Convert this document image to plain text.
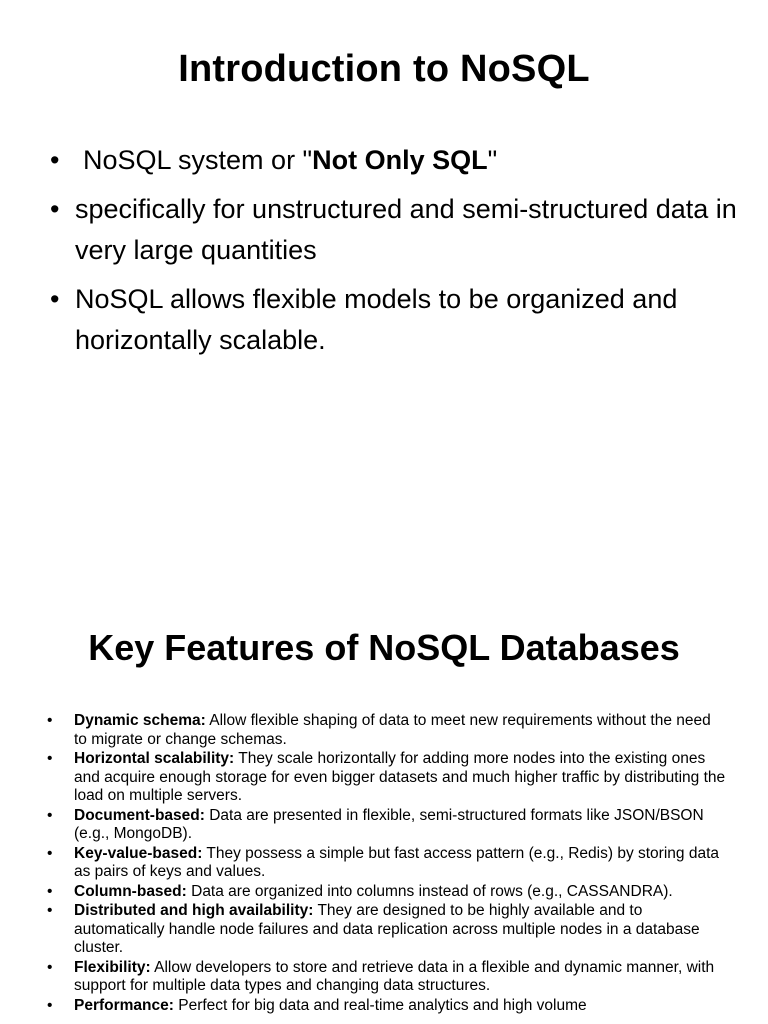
Introduction to NoSQL
• NoSQL system or "Not Only SQL"
• specifically for unstructured and semi-structured data in very large quantities
• NoSQL allows flexible models to be organized and horizontally scalable.
Key Features of NoSQL Databases
• Dynamic schema: Allow flexible shaping of data to meet new requirements without the need to migrate or change schemas.
• Horizontal scalability: They scale horizontally for adding more nodes into the existing ones and acquire enough storage for even bigger datasets and much higher traffic by distributing the load on multiple servers.
• Document-based: Data are presented in flexible, semi-structured formats like JSON/BSON (e.g., MongoDB).
• Key-value-based: They possess a simple but fast access pattern (e.g., Redis) by storing data as pairs of keys and values.
• Column-based: Data are organized into columns instead of rows (e.g., CASSANDRA).
• Distributed and high availability: They are designed to be highly available and to automatically handle node failures and data replication across multiple nodes in a database cluster.
• Flexibility: Allow developers to store and retrieve data in a flexible and dynamic manner, with support for multiple data types and changing data structures.
• Performance: Perfect for big data and real-time analytics and high volume
